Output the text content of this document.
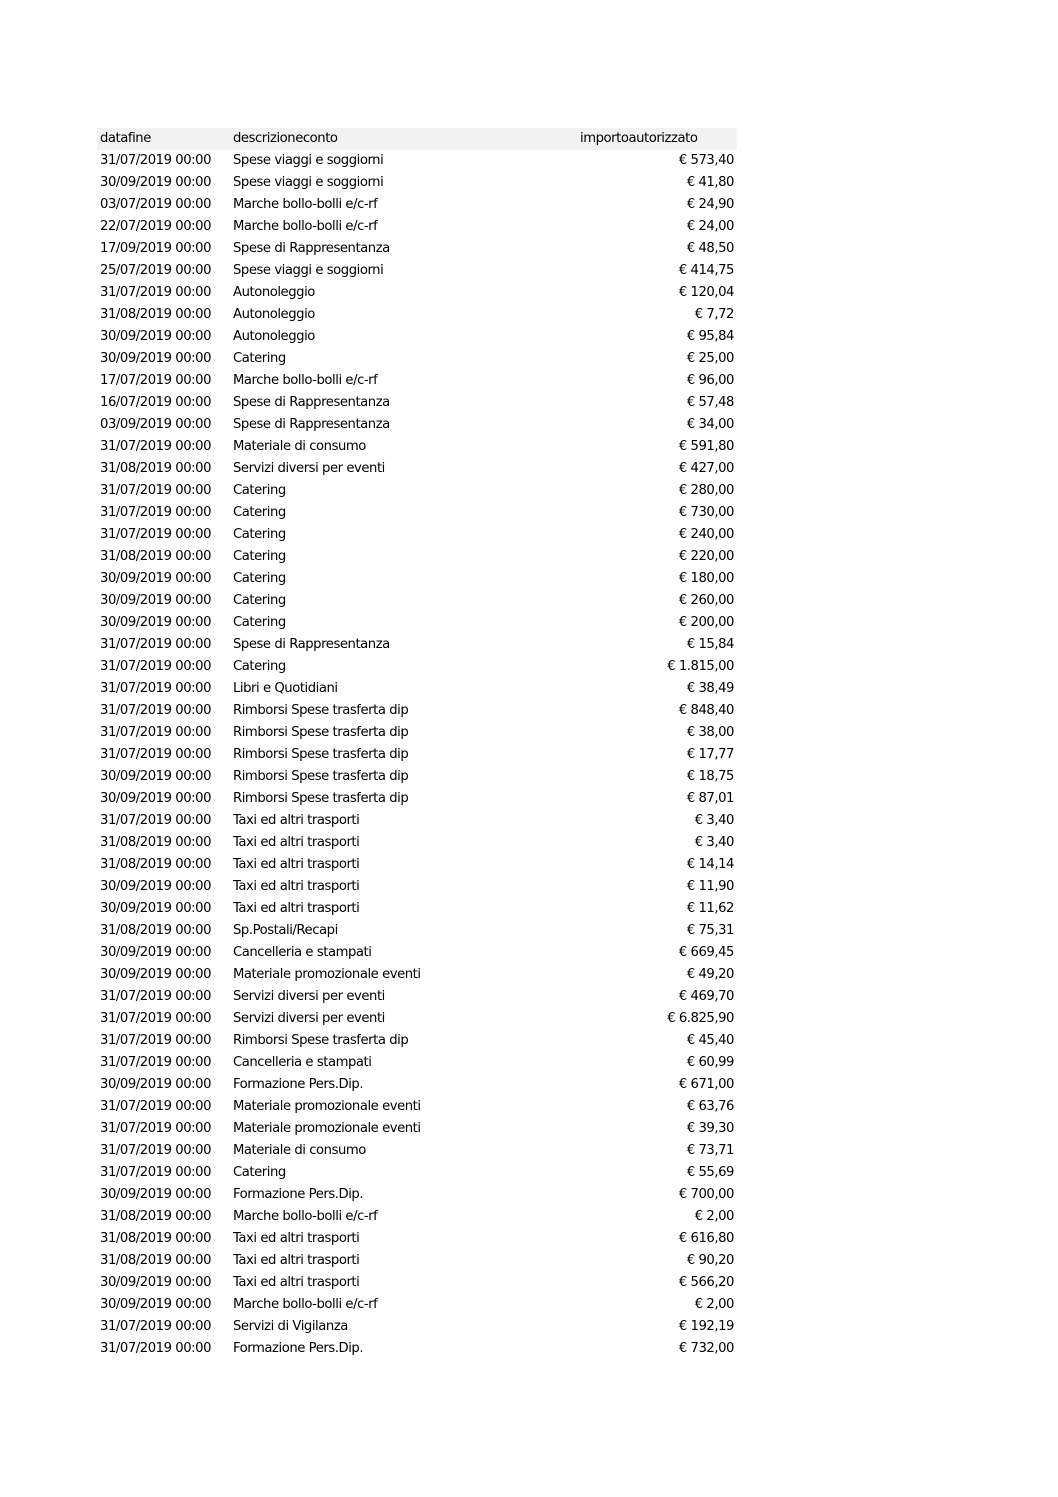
datafine	descrizioneconto	importoautorizzato
31/07/2019 00:00	Spese viaggi e soggiorni	€ 573,40
30/09/2019 00:00	Spese viaggi e soggiorni	€ 41,80
03/07/2019 00:00	Marche bollo-bolli e/c-rf	€ 24,90
22/07/2019 00:00	Marche bollo-bolli e/c-rf	€ 24,00
17/09/2019 00:00	Spese di Rappresentanza	€ 48,50
25/07/2019 00:00	Spese viaggi e soggiorni	€ 414,75
31/07/2019 00:00	Autonoleggio	€ 120,04
31/08/2019 00:00	Autonoleggio	€ 7,72
30/09/2019 00:00	Autonoleggio	€ 95,84
30/09/2019 00:00	Catering	€ 25,00
17/07/2019 00:00	Marche bollo-bolli e/c-rf	€ 96,00
16/07/2019 00:00	Spese di Rappresentanza	€ 57,48
03/09/2019 00:00	Spese di Rappresentanza	€ 34,00
31/07/2019 00:00	Materiale di consumo	€ 591,80
31/08/2019 00:00	Servizi diversi per eventi	€ 427,00
31/07/2019 00:00	Catering	€ 280,00
31/07/2019 00:00	Catering	€ 730,00
31/07/2019 00:00	Catering	€ 240,00
31/08/2019 00:00	Catering	€ 220,00
30/09/2019 00:00	Catering	€ 180,00
30/09/2019 00:00	Catering	€ 260,00
30/09/2019 00:00	Catering	€ 200,00
31/07/2019 00:00	Spese di Rappresentanza	€ 15,84
31/07/2019 00:00	Catering	€ 1.815,00
31/07/2019 00:00	Libri e Quotidiani	€ 38,49
31/07/2019 00:00	Rimborsi Spese trasferta dip	€ 848,40
31/07/2019 00:00	Rimborsi Spese trasferta dip	€ 38,00
31/07/2019 00:00	Rimborsi Spese trasferta dip	€ 17,77
30/09/2019 00:00	Rimborsi Spese trasferta dip	€ 18,75
30/09/2019 00:00	Rimborsi Spese trasferta dip	€ 87,01
31/07/2019 00:00	Taxi ed altri trasporti	€ 3,40
31/08/2019 00:00	Taxi ed altri trasporti	€ 3,40
31/08/2019 00:00	Taxi ed altri trasporti	€ 14,14
30/09/2019 00:00	Taxi ed altri trasporti	€ 11,90
30/09/2019 00:00	Taxi ed altri trasporti	€ 11,62
31/08/2019 00:00	Sp.Postali/Recapi	€ 75,31
30/09/2019 00:00	Cancelleria e stampati	€ 669,45
30/09/2019 00:00	Materiale promozionale eventi	€ 49,20
31/07/2019 00:00	Servizi diversi per eventi	€ 469,70
31/07/2019 00:00	Servizi diversi per eventi	€ 6.825,90
31/07/2019 00:00	Rimborsi Spese trasferta dip	€ 45,40
31/07/2019 00:00	Cancelleria e stampati	€ 60,99
30/09/2019 00:00	Formazione Pers.Dip.	€ 671,00
31/07/2019 00:00	Materiale promozionale eventi	€ 63,76
31/07/2019 00:00	Materiale promozionale eventi	€ 39,30
31/07/2019 00:00	Materiale di consumo	€ 73,71
31/07/2019 00:00	Catering	€ 55,69
30/09/2019 00:00	Formazione Pers.Dip.	€ 700,00
31/08/2019 00:00	Marche bollo-bolli e/c-rf	€ 2,00
31/08/2019 00:00	Taxi ed altri trasporti	€ 616,80
31/08/2019 00:00	Taxi ed altri trasporti	€ 90,20
30/09/2019 00:00	Taxi ed altri trasporti	€ 566,20
30/09/2019 00:00	Marche bollo-bolli e/c-rf	€ 2,00
31/07/2019 00:00	Servizi di Vigilanza	€ 192,19
31/07/2019 00:00	Formazione Pers.Dip.	€ 732,00
